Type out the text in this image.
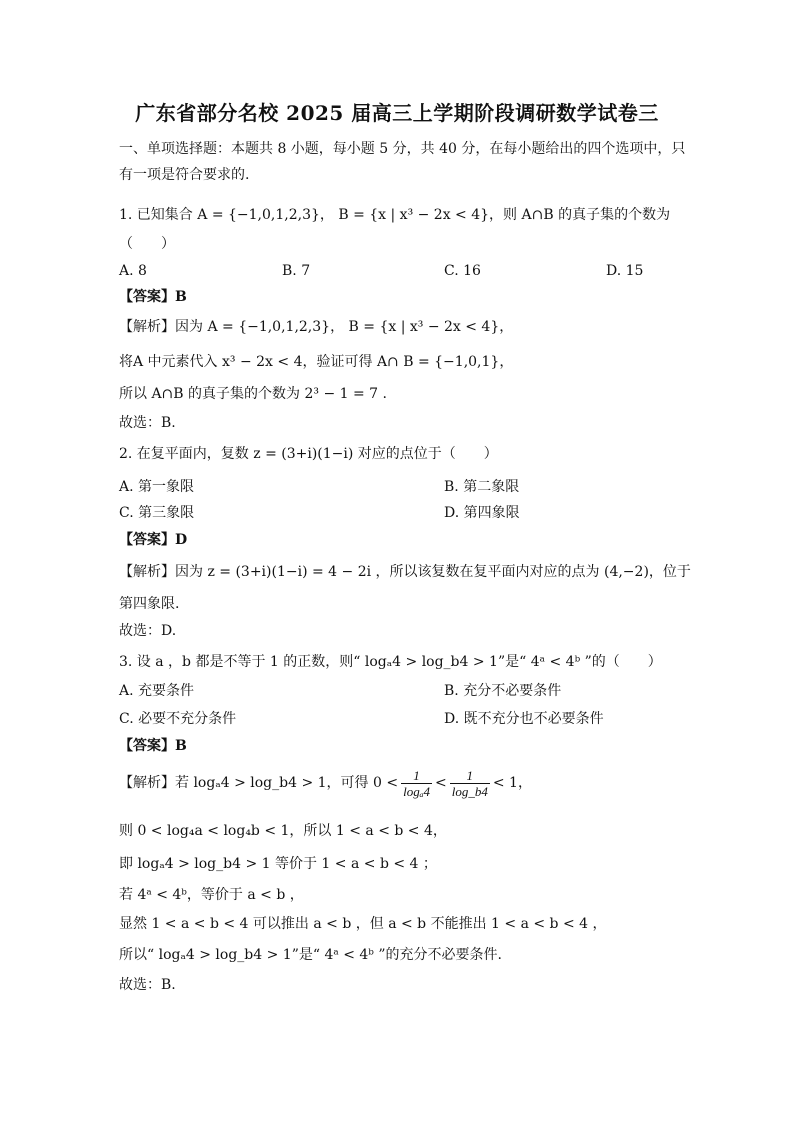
广东省部分名校 2025 届高三上学期阶段调研数学试卷三
一、单项选择题：本题共 8 小题，每小题 5 分，共 40 分，在每小题给出的四个选项中，只
有一项是符合要求的.
1. 已知集合 A = {−1,0,1,2,3}， B = {x | x³ − 2x < 4}，则 A∩B 的真子集的个数为
（　　）
A. 8	B. 7	C. 16	D. 15
【答案】B
【解析】因为 A = {−1,0,1,2,3}， B = {x | x³ − 2x < 4}，
将A 中元素代入 x³ − 2x < 4，验证可得 A∩ B = {−1,0,1}，
所以 A∩B 的真子集的个数为 2³ − 1 = 7 .
故选：B.
2. 在复平面内，复数 z = (3+i)(1−i) 对应的点位于（　　）
A. 第一象限	B. 第二象限
C. 第三象限	D. 第四象限
【答案】D
【解析】因为 z = (3+i)(1−i) = 4 − 2i ，所以该复数在复平面内对应的点为 (4,−2)，位于
第四象限.
故选：D.
3. 设 a ，b 都是不等于 1 的正数，则“ logₐ4 > log_b4 > 1”是“ 4ᵃ < 4ᵇ ”的（　　）
A. 充要条件	B. 充分不必要条件
C. 必要不充分条件	D. 既不充分也不必要条件
【答案】B
【解析】若 logₐ4 > log_b4 > 1，可得 $0 < \frac{1}{\text{logₐ4}} < \frac{1}{\log\_b4} < 1$，
则 0 < log₄a < log₄b < 1，所以 1 < a < b < 4，
即 logₐ4 > log_b4 > 1 等价于 1 < a < b < 4 ；
若 4ᵃ < 4ᵇ，等价于 a < b ，
显然 1 < a < b < 4 可以推出 a < b ，但 a < b 不能推出 1 < a < b < 4 ，
所以“ logₐ4 > log_b4 > 1”是“ 4ᵃ < 4ᵇ ”的充分不必要条件.
故选：B.
